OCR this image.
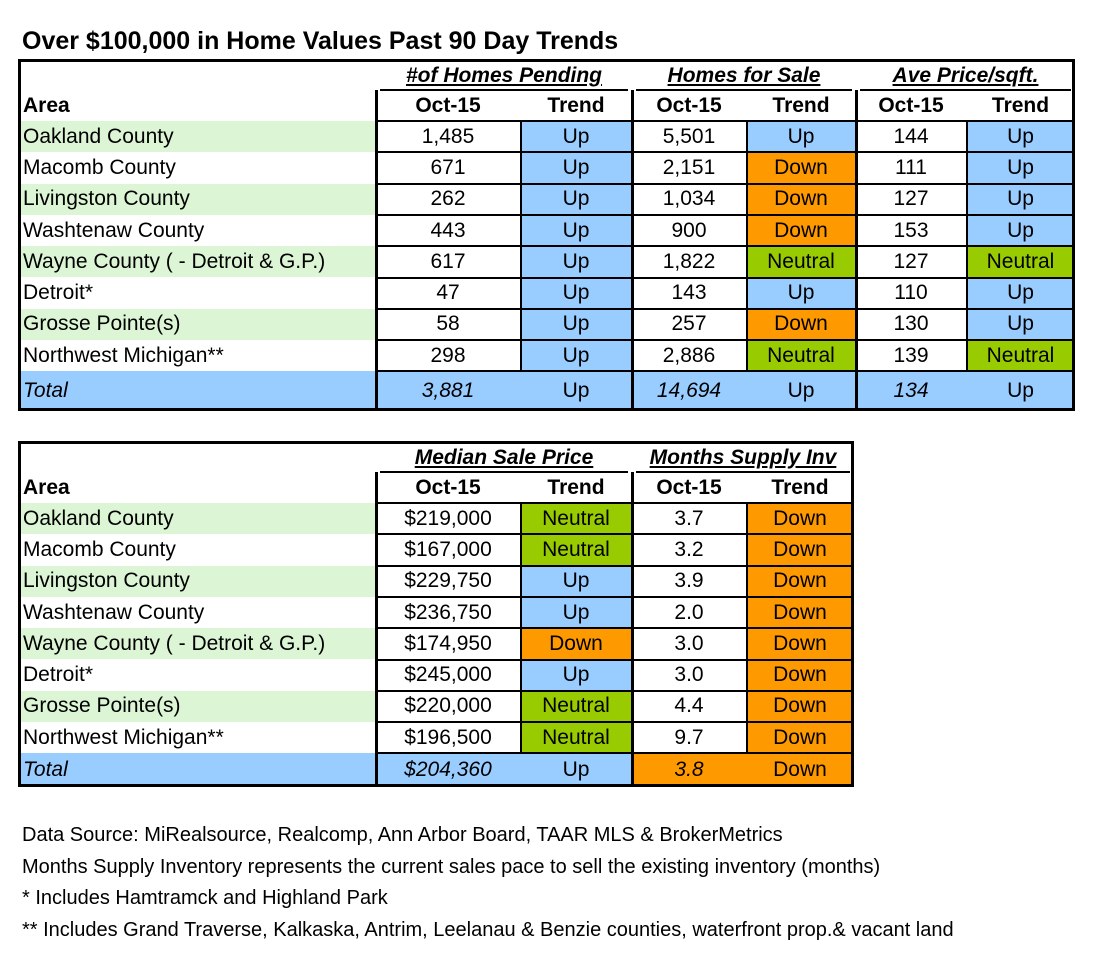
Over $100,000 in Home Values Past 90 Day Trends
#of Homes Pending	Homes for Sale	Ave Price/sqft.
Area	Oct-15	Trend	Oct-15	Trend	Oct-15	Trend
Oakland County	1,485	Up	5,501	Up	144	Up
Macomb County	671	Up	2,151	Down	111	Up
Livingston County	262	Up	1,034	Down	127	Up
Washtenaw County	443	Up	900	Down	153	Up
Wayne County ( - Detroit & G.P.)	617	Up	1,822	Neutral	127	Neutral
Detroit*	47	Up	143	Up	110	Up
Grosse Pointe(s)	58	Up	257	Down	130	Up
Northwest Michigan**	298	Up	2,886	Neutral	139	Neutral
Total	3,881	Up	14,694	Up	134	Up
Median Sale Price	Months Supply Inv
Area	Oct-15	Trend	Oct-15	Trend
Oakland County	$219,000	Neutral	3.7	Down
Macomb County	$167,000	Neutral	3.2	Down
Livingston County	$229,750	Up	3.9	Down
Washtenaw County	$236,750	Up	2.0	Down
Wayne County ( - Detroit & G.P.)	$174,950	Down	3.0	Down
Detroit*	$245,000	Up	3.0	Down
Grosse Pointe(s)	$220,000	Neutral	4.4	Down
Northwest Michigan**	$196,500	Neutral	9.7	Down
Total	$204,360	Up	3.8	Down
Data Source: MiRealsource, Realcomp, Ann Arbor Board, TAAR MLS & BrokerMetrics
Months Supply Inventory represents the current sales pace to sell the existing inventory (months)
* Includes Hamtramck and Highland Park
** Includes Grand Traverse, Kalkaska, Antrim, Leelanau & Benzie counties, waterfront prop.& vacant land
